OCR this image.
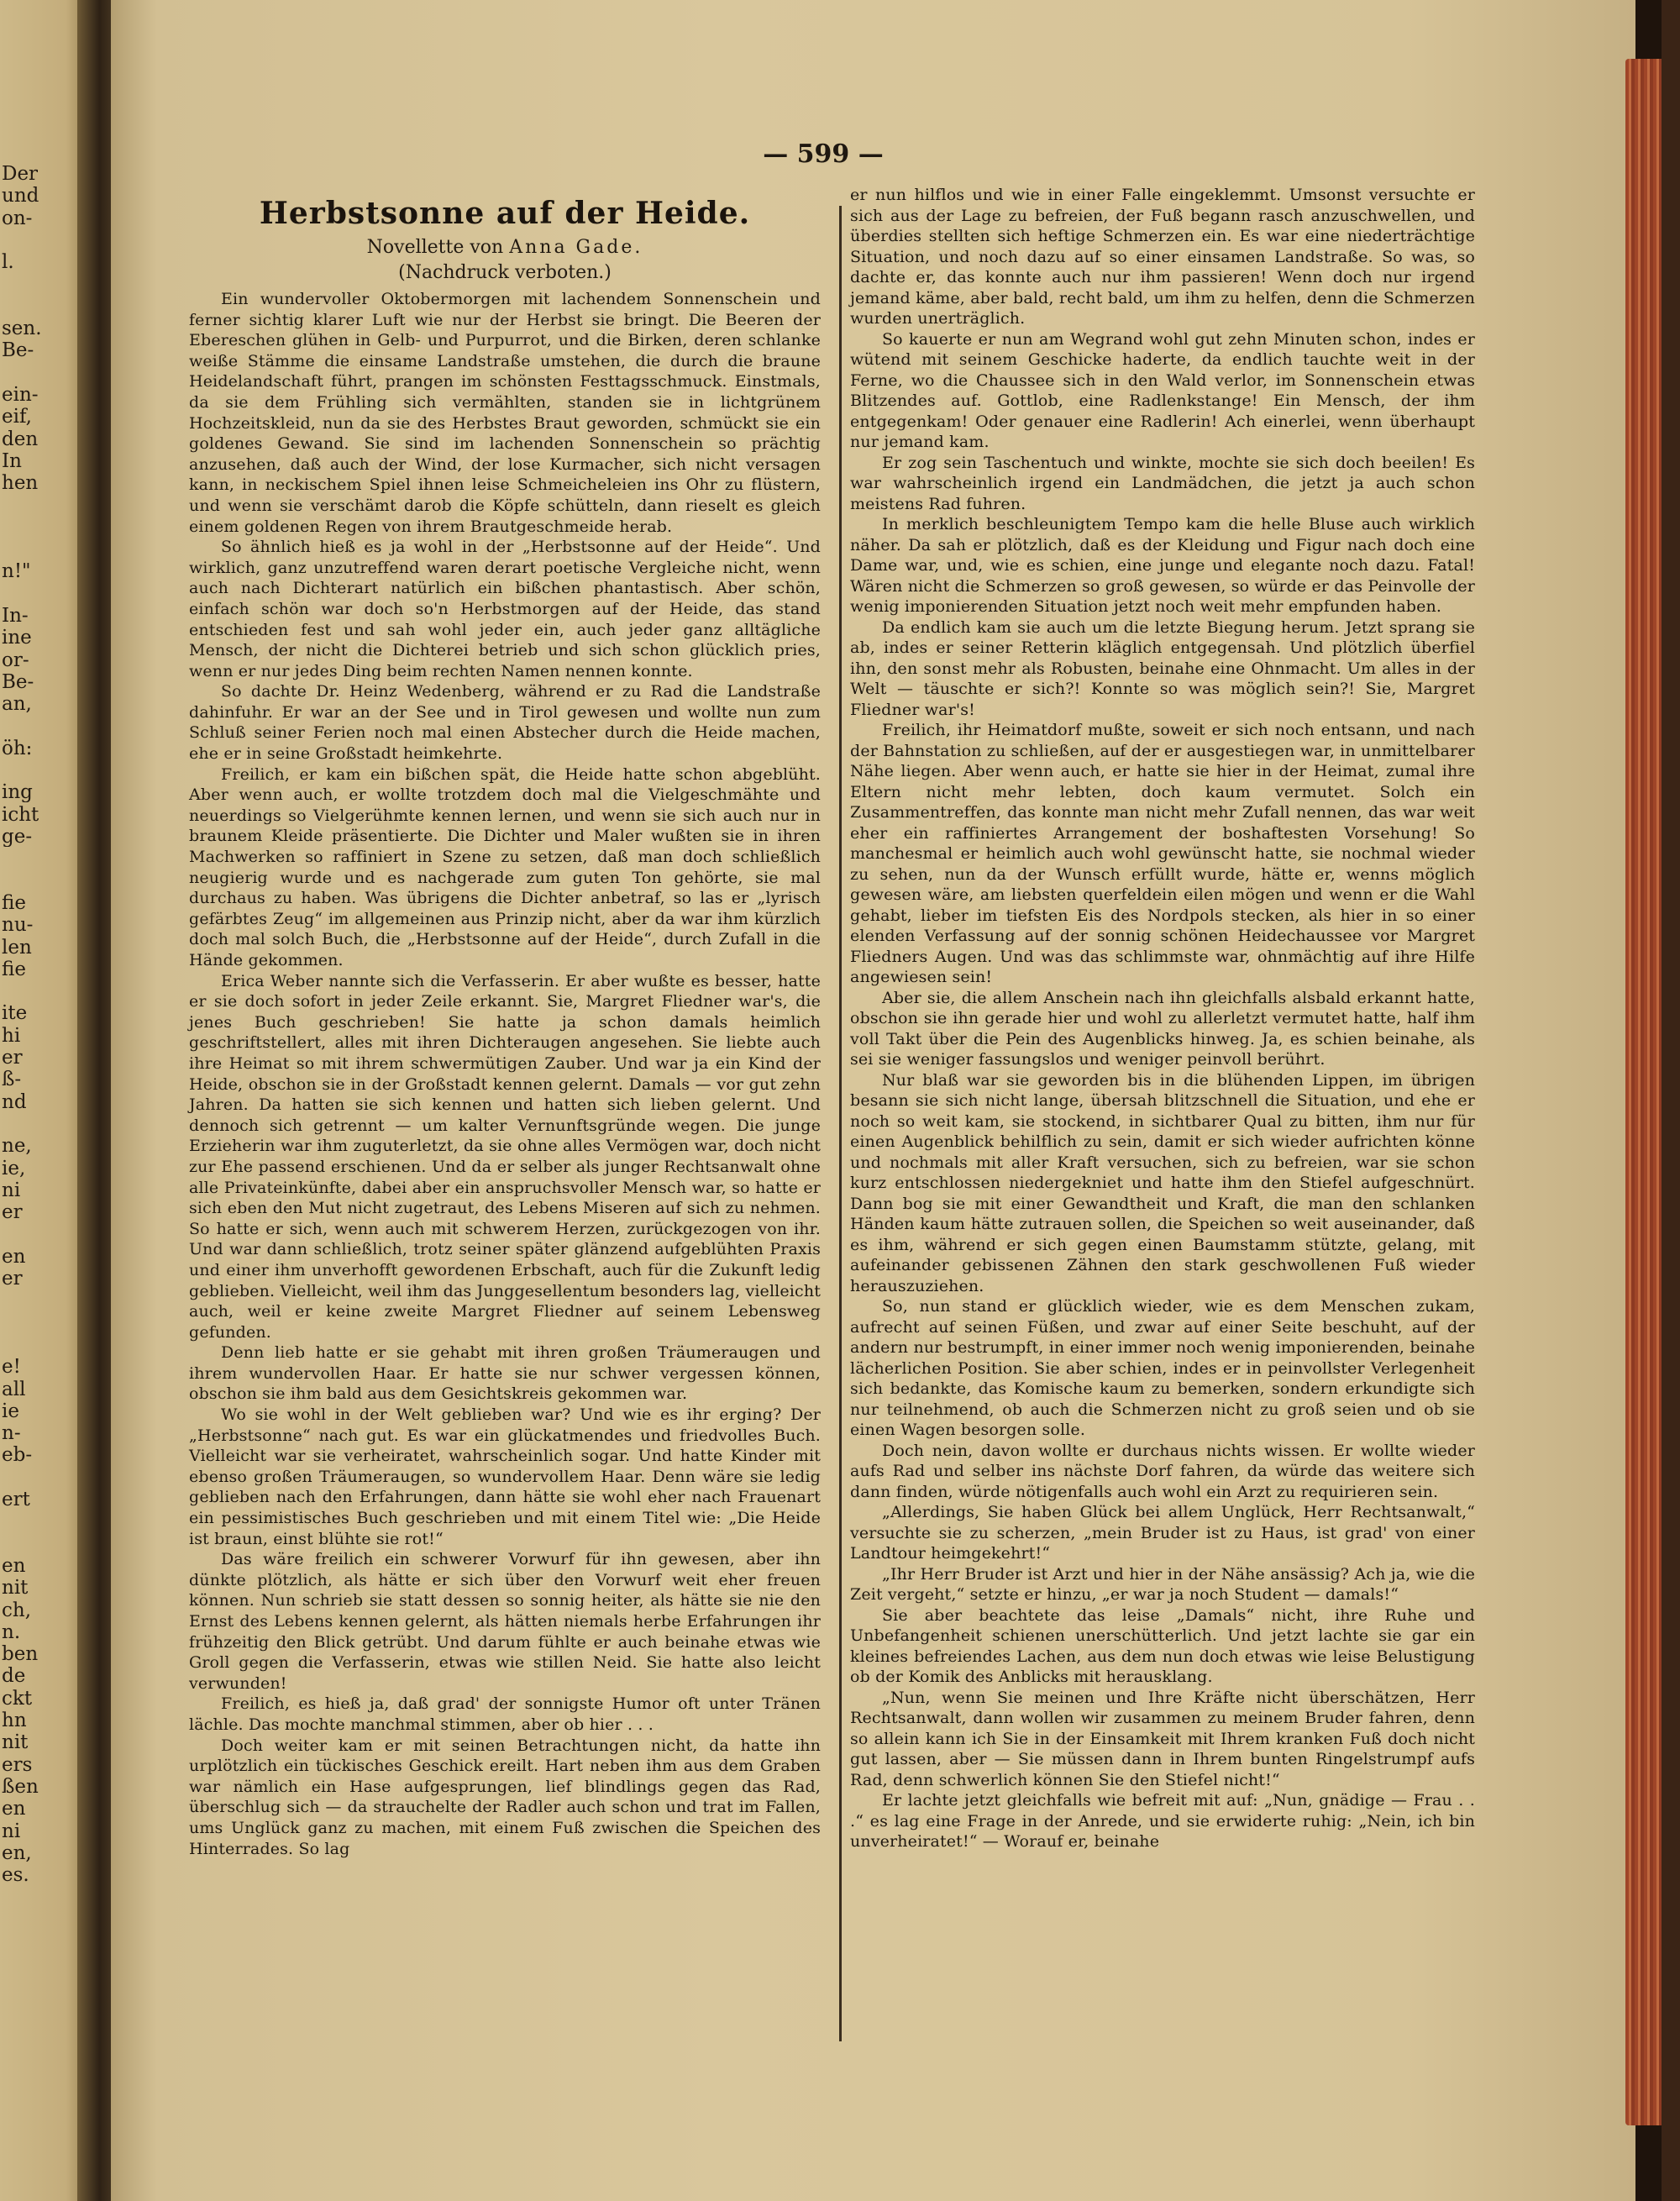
Der
und
on-
l.
sen.
Be-
ein-
eif,
den
In
hen
n!"
In-
ine
or-
Be-
an,
öh:
ing
icht
ge-
fie
nu-
len
fie
ite
hi
er
ß-
nd
ne,
ie,
ni
er
en
er
e!
all
ie
n-
eb-
ert
en
nit
ch,
n.
ben
de
ckt
hn
nit
ers
ßen
en
ni
en,
es.
— 599 —
Herbstsonne auf der Heide.

Novellette von Anna Gade.

(Nachdruck verboten.)

Ein wundervoller Oktobermorgen mit lachendem Sonnenschein und ferner sichtig klarer Luft wie nur der Herbst sie bringt. Die Beeren der Ebereschen glühen in Gelb- und Purpurrot, und die Birken, deren schlanke weiße Stämme die einsame Landstraße umstehen, die durch die braune Heidelandschaft führt, prangen im schönsten Festtagsschmuck. Einstmals, da sie dem Frühling sich vermählten, standen sie in lichtgrünem Hochzeitskleid, nun da sie des Herbstes Braut geworden, schmückt sie ein goldenes Gewand. Sie sind im lachenden Sonnenschein so prächtig anzusehen, daß auch der Wind, der lose Kurmacher, sich nicht versagen kann, in neckischem Spiel ihnen leise Schmeicheleien ins Ohr zu flüstern, und wenn sie verschämt darob die Köpfe schütteln, dann rieselt es gleich einem goldenen Regen von ihrem Brautgeschmeide herab.

So ähnlich hieß es ja wohl in der „Herbstsonne auf der Heide“. Und wirklich, ganz unzutreffend waren derart poetische Vergleiche nicht, wenn auch nach Dichterart natürlich ein bißchen phantastisch. Aber schön, einfach schön war doch so'n Herbstmorgen auf der Heide, das stand entschieden fest und sah wohl jeder ein, auch jeder ganz alltägliche Mensch, der nicht die Dichterei betrieb und sich schon glücklich pries, wenn er nur jedes Ding beim rechten Namen nennen konnte.

So dachte Dr. Heinz Wedenberg, während er zu Rad die Landstraße dahinfuhr. Er war an der See und in Tirol gewesen und wollte nun zum Schluß seiner Ferien noch mal einen Abstecher durch die Heide machen, ehe er in seine Großstadt heimkehrte.

Freilich, er kam ein bißchen spät, die Heide hatte schon abgeblüht. Aber wenn auch, er wollte trotzdem doch mal die Vielgeschmähte und neuerdings so Vielgerühmte kennen lernen, und wenn sie sich auch nur in braunem Kleide präsentierte. Die Dichter und Maler wußten sie in ihren Machwerken so raffiniert in Szene zu setzen, daß man doch schließlich neugierig wurde und es nachgerade zum guten Ton gehörte, sie mal durchaus zu haben. Was übrigens die Dichter anbetraf, so las er „lyrisch gefärbtes Zeug“ im allgemeinen aus Prinzip nicht, aber da war ihm kürzlich doch mal solch Buch, die „Herbstsonne auf der Heide“, durch Zufall in die Hände gekommen.

Erica Weber nannte sich die Verfasserin. Er aber wußte es besser, hatte er sie doch sofort in jeder Zeile erkannt. Sie, Margret Fliedner war's, die jenes Buch geschrieben! Sie hatte ja schon damals heimlich geschriftstellert, alles mit ihren Dichteraugen angesehen. Sie liebte auch ihre Heimat so mit ihrem schwermütigen Zauber. Und war ja ein Kind der Heide, obschon sie in der Großstadt kennen gelernt. Damals — vor gut zehn Jahren. Da hatten sie sich kennen und hatten sich lieben gelernt. Und dennoch sich getrennt — um kalter Vernunftsgründe wegen. Die junge Erzieherin war ihm zuguterletzt, da sie ohne alles Vermögen war, doch nicht zur Ehe passend erschienen. Und da er selber als junger Rechtsanwalt ohne alle Privateinkünfte, dabei aber ein anspruchsvoller Mensch war, so hatte er sich eben den Mut nicht zugetraut, des Lebens Miseren auf sich zu nehmen. So hatte er sich, wenn auch mit schwerem Herzen, zurückgezogen von ihr. Und war dann schließlich, trotz seiner später glänzend aufgeblühten Praxis und einer ihm unverhofft gewordenen Erbschaft, auch für die Zukunft ledig geblieben. Vielleicht, weil ihm das Junggesellentum besonders lag, vielleicht auch, weil er keine zweite Margret Fliedner auf seinem Lebensweg gefunden.

Denn lieb hatte er sie gehabt mit ihren großen Träumeraugen und ihrem wundervollen Haar. Er hatte sie nur schwer vergessen können, obschon sie ihm bald aus dem Gesichtskreis gekommen war.

Wo sie wohl in der Welt geblieben war? Und wie es ihr erging? Der „Herbstsonne“ nach gut. Es war ein glückatmendes und friedvolles Buch. Vielleicht war sie verheiratet, wahrscheinlich sogar. Und hatte Kinder mit ebenso großen Träumeraugen, so wundervollem Haar. Denn wäre sie ledig geblieben nach den Erfahrungen, dann hätte sie wohl eher nach Frauenart ein pessimistisches Buch geschrieben und mit einem Titel wie: „Die Heide ist braun, einst blühte sie rot!“

Das wäre freilich ein schwerer Vorwurf für ihn gewesen, aber ihn dünkte plötzlich, als hätte er sich über den Vorwurf weit eher freuen können. Nun schrieb sie statt dessen so sonnig heiter, als hätte sie nie den Ernst des Lebens kennen gelernt, als hätten niemals herbe Erfahrungen ihr frühzeitig den Blick getrübt. Und darum fühlte er auch beinahe etwas wie Groll gegen die Verfasserin, etwas wie stillen Neid. Sie hatte also leicht verwunden!

Freilich, es hieß ja, daß grad' der sonnigste Humor oft unter Tränen lächle. Das mochte manchmal stimmen, aber ob hier . . .

Doch weiter kam er mit seinen Betrachtungen nicht, da hatte ihn urplötzlich ein tückisches Geschick ereilt. Hart neben ihm aus dem Graben war nämlich ein Hase aufgesprungen, lief blindlings gegen das Rad, überschlug sich — da strauchelte der Radler auch schon und trat im Fallen, ums Unglück ganz zu machen, mit einem Fuß zwischen die Speichen des Hinterrades. So lag

er nun hilflos und wie in einer Falle eingeklemmt. Umsonst versuchte er sich aus der Lage zu befreien, der Fuß begann rasch anzuschwellen, und überdies stellten sich heftige Schmerzen ein. Es war eine niederträchtige Situation, und noch dazu auf so einer einsamen Landstraße. So was, so dachte er, das konnte auch nur ihm passieren! Wenn doch nur irgend jemand käme, aber bald, recht bald, um ihm zu helfen, denn die Schmerzen wurden unerträglich.

So kauerte er nun am Wegrand wohl gut zehn Minuten schon, indes er wütend mit seinem Geschicke haderte, da endlich tauchte weit in der Ferne, wo die Chaussee sich in den Wald verlor, im Sonnenschein etwas Blitzendes auf. Gottlob, eine Radlenkstange! Ein Mensch, der ihm entgegenkam! Oder genauer eine Radlerin! Ach einerlei, wenn überhaupt nur jemand kam.

Er zog sein Taschentuch und winkte, mochte sie sich doch beeilen! Es war wahrscheinlich irgend ein Landmädchen, die jetzt ja auch schon meistens Rad fuhren.

In merklich beschleunigtem Tempo kam die helle Bluse auch wirklich näher. Da sah er plötzlich, daß es der Kleidung und Figur nach doch eine Dame war, und, wie es schien, eine junge und elegante noch dazu. Fatal! Wären nicht die Schmerzen so groß gewesen, so würde er das Peinvolle der wenig imponierenden Situation jetzt noch weit mehr empfunden haben.

Da endlich kam sie auch um die letzte Biegung herum. Jetzt sprang sie ab, indes er seiner Retterin kläglich entgegensah. Und plötzlich überfiel ihn, den sonst mehr als Robusten, beinahe eine Ohnmacht. Um alles in der Welt — täuschte er sich?! Konnte so was möglich sein?! Sie, Margret Fliedner war's!

Freilich, ihr Heimatdorf mußte, soweit er sich noch entsann, und nach der Bahnstation zu schließen, auf der er ausgestiegen war, in unmittelbarer Nähe liegen. Aber wenn auch, er hatte sie hier in der Heimat, zumal ihre Eltern nicht mehr lebten, doch kaum vermutet. Solch ein Zusammentreffen, das konnte man nicht mehr Zufall nennen, das war weit eher ein raffiniertes Arrangement der boshaftesten Vorsehung! So manchesmal er heimlich auch wohl gewünscht hatte, sie nochmal wieder zu sehen, nun da der Wunsch erfüllt wurde, hätte er, wenns möglich gewesen wäre, am liebsten querfeldein eilen mögen und wenn er die Wahl gehabt, lieber im tiefsten Eis des Nordpols stecken, als hier in so einer elenden Verfassung auf der sonnig schönen Heidechaussee vor Margret Fliedners Augen. Und was das schlimmste war, ohnmächtig auf ihre Hilfe angewiesen sein!

Aber sie, die allem Anschein nach ihn gleichfalls alsbald erkannt hatte, obschon sie ihn gerade hier und wohl zu allerletzt vermutet hatte, half ihm voll Takt über die Pein des Augenblicks hinweg. Ja, es schien beinahe, als sei sie weniger fassungslos und weniger peinvoll berührt.

Nur blaß war sie geworden bis in die blühenden Lippen, im übrigen besann sie sich nicht lange, übersah blitzschnell die Situation, und ehe er noch so weit kam, sie stockend, in sichtbarer Qual zu bitten, ihm nur für einen Augenblick behilflich zu sein, damit er sich wieder aufrichten könne und nochmals mit aller Kraft versuchen, sich zu befreien, war sie schon kurz entschlossen niedergekniet und hatte ihm den Stiefel aufgeschnürt. Dann bog sie mit einer Gewandtheit und Kraft, die man den schlanken Händen kaum hätte zutrauen sollen, die Speichen so weit auseinander, daß es ihm, während er sich gegen einen Baumstamm stützte, gelang, mit aufeinander gebissenen Zähnen den stark geschwollenen Fuß wieder herauszuziehen.

So, nun stand er glücklich wieder, wie es dem Menschen zukam, aufrecht auf seinen Füßen, und zwar auf einer Seite beschuht, auf der andern nur bestrumpft, in einer immer noch wenig imponierenden, beinahe lächerlichen Position. Sie aber schien, indes er in peinvollster Verlegenheit sich bedankte, das Komische kaum zu bemerken, sondern erkundigte sich nur teilnehmend, ob auch die Schmerzen nicht zu groß seien und ob sie einen Wagen besorgen solle.

Doch nein, davon wollte er durchaus nichts wissen. Er wollte wieder aufs Rad und selber ins nächste Dorf fahren, da würde das weitere sich dann finden, würde nötigenfalls auch wohl ein Arzt zu requirieren sein.

„Allerdings, Sie haben Glück bei allem Unglück, Herr Rechtsanwalt,“ versuchte sie zu scherzen, „mein Bruder ist zu Haus, ist grad' von einer Landtour heimgekehrt!“

„Ihr Herr Bruder ist Arzt und hier in der Nähe ansässig? Ach ja, wie die Zeit vergeht,“ setzte er hinzu, „er war ja noch Student — damals!“

Sie aber beachtete das leise „Damals“ nicht, ihre Ruhe und Unbefangenheit schienen unerschütterlich. Und jetzt lachte sie gar ein kleines befreiendes Lachen, aus dem nun doch etwas wie leise Belustigung ob der Komik des Anblicks mit herausklang.

„Nun, wenn Sie meinen und Ihre Kräfte nicht überschätzen, Herr Rechtsanwalt, dann wollen wir zusammen zu meinem Bruder fahren, denn so allein kann ich Sie in der Einsamkeit mit Ihrem kranken Fuß doch nicht gut lassen, aber — Sie müssen dann in Ihrem bunten Ringelstrumpf aufs Rad, denn schwerlich können Sie den Stiefel nicht!“

Er lachte jetzt gleichfalls wie befreit mit auf: „Nun, gnädige — Frau . . .“ es lag eine Frage in der Anrede, und sie erwiderte ruhig: „Nein, ich bin unverheiratet!“ — Worauf er, beinahe
